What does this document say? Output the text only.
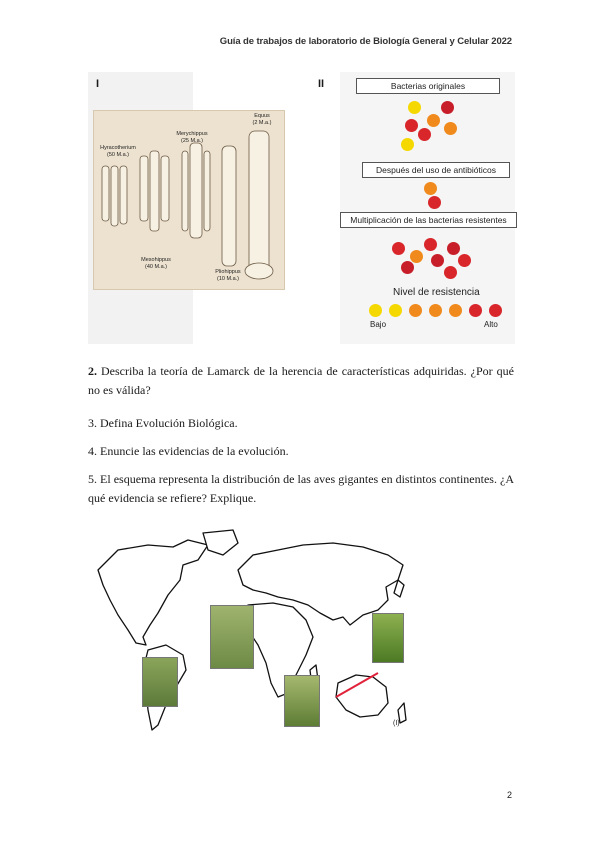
Guía de trabajos de laboratorio de Biología General y Celular 2022
I
Hyracotherium
(50 M.a.)
Mesohippus
(40 M.a.)
Merychippus
(25 M.a.)
Pliohippus
(10 M.a.)
Equus
(2 M.a.)
II	Bacterias originales
Después del uso de antibióticos
Multiplicación de las bacterias resistentes
Nivel de resistencia
Bajo	Alto
2. Describa la teoría de Lamarck de la herencia de características adquiridas. ¿Por qué no es válida?
3. Defina Evolución Biológica.
4. Enuncie las evidencias de la evolución.
5. El esquema representa la distribución de las aves gigantes en distintos continentes. ¿A qué evidencia se refiere? Explique.
(I)
2
